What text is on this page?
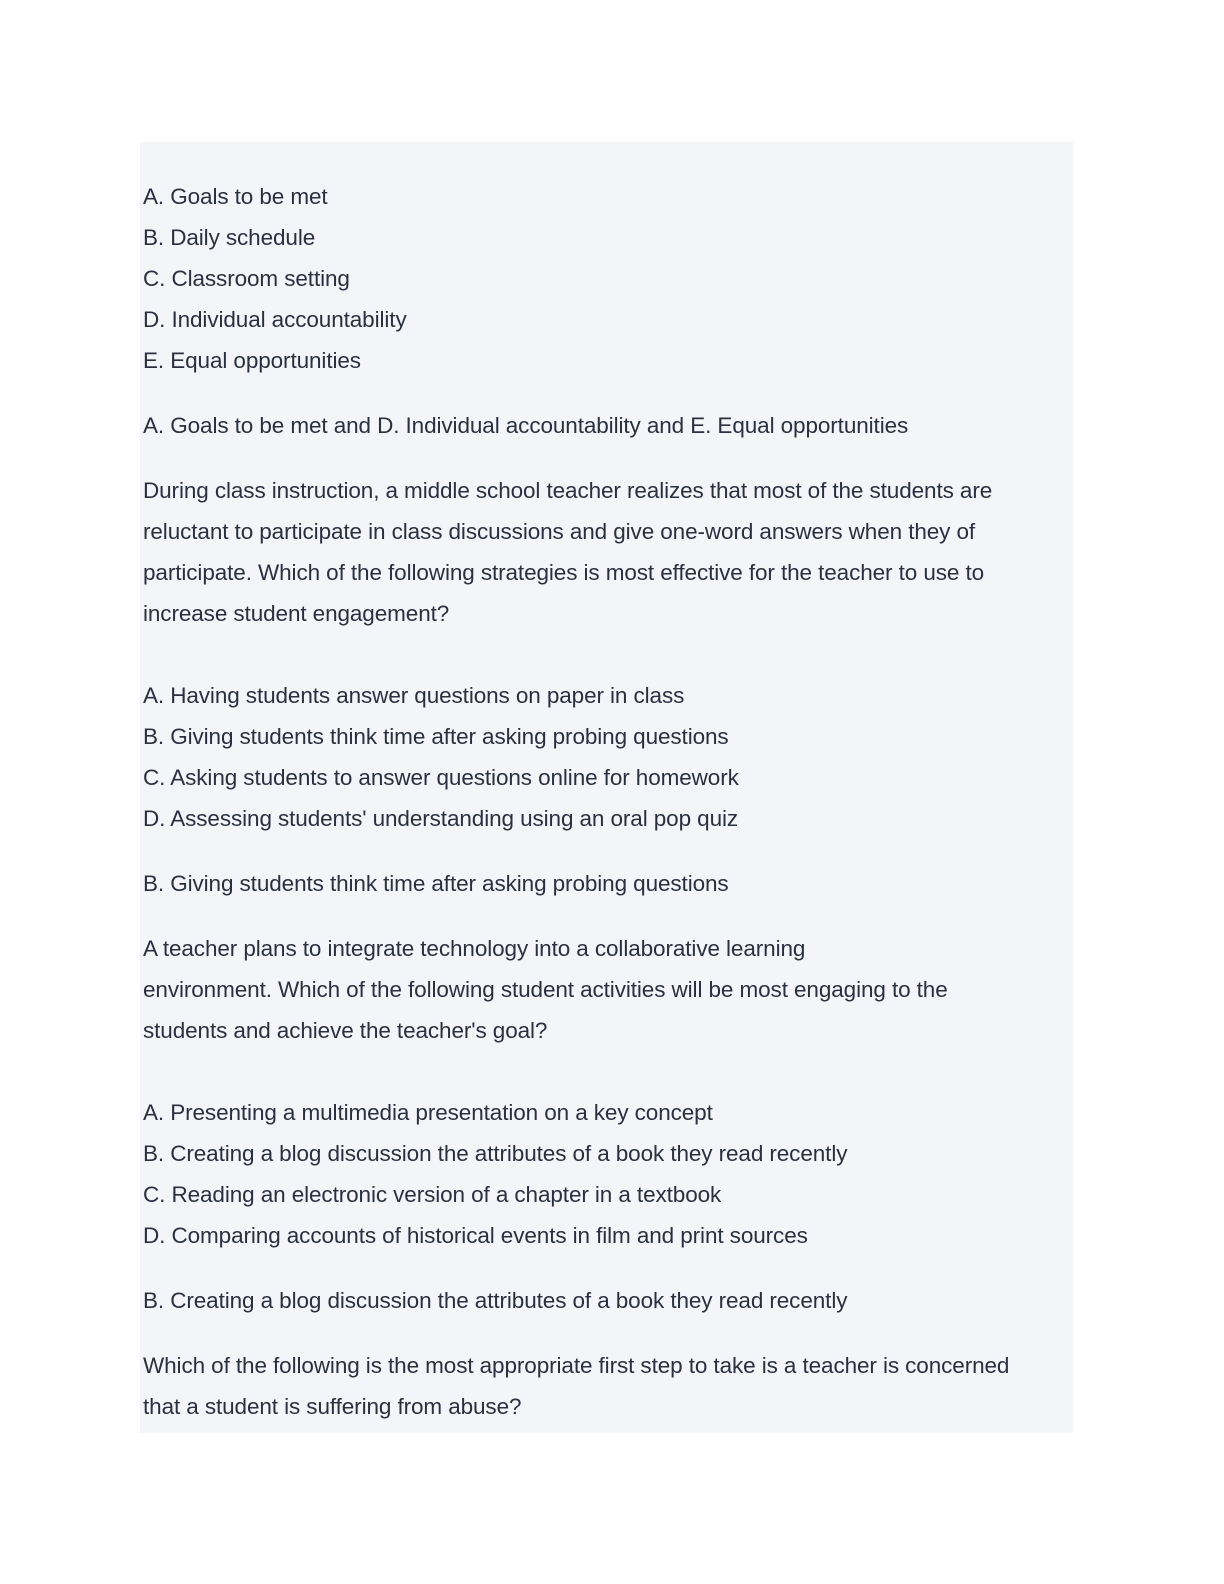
A. Goals to be met
B. Daily schedule
C. Classroom setting
D. Individual accountability
E. Equal opportunities
A. Goals to be met and D. Individual accountability and E. Equal opportunities
During class instruction, a middle school teacher realizes that most of the students are
reluctant to participate in class discussions and give one-word answers when they of
participate. Which of the following strategies is most effective for the teacher to use to
increase student engagement?
A. Having students answer questions on paper in class
B. Giving students think time after asking probing questions
C. Asking students to answer questions online for homework
D. Assessing students' understanding using an oral pop quiz
B. Giving students think time after asking probing questions
A teacher plans to integrate technology into a collaborative learning
environment. Which of the following student activities will be most engaging to the
students and achieve the teacher's goal?
A. Presenting a multimedia presentation on a key concept
B. Creating a blog discussion the attributes of a book they read recently
C. Reading an electronic version of a chapter in a textbook
D. Comparing accounts of historical events in film and print sources
B. Creating a blog discussion the attributes of a book they read recently
Which of the following is the most appropriate first step to take is a teacher is concerned
that a student is suffering from abuse?
